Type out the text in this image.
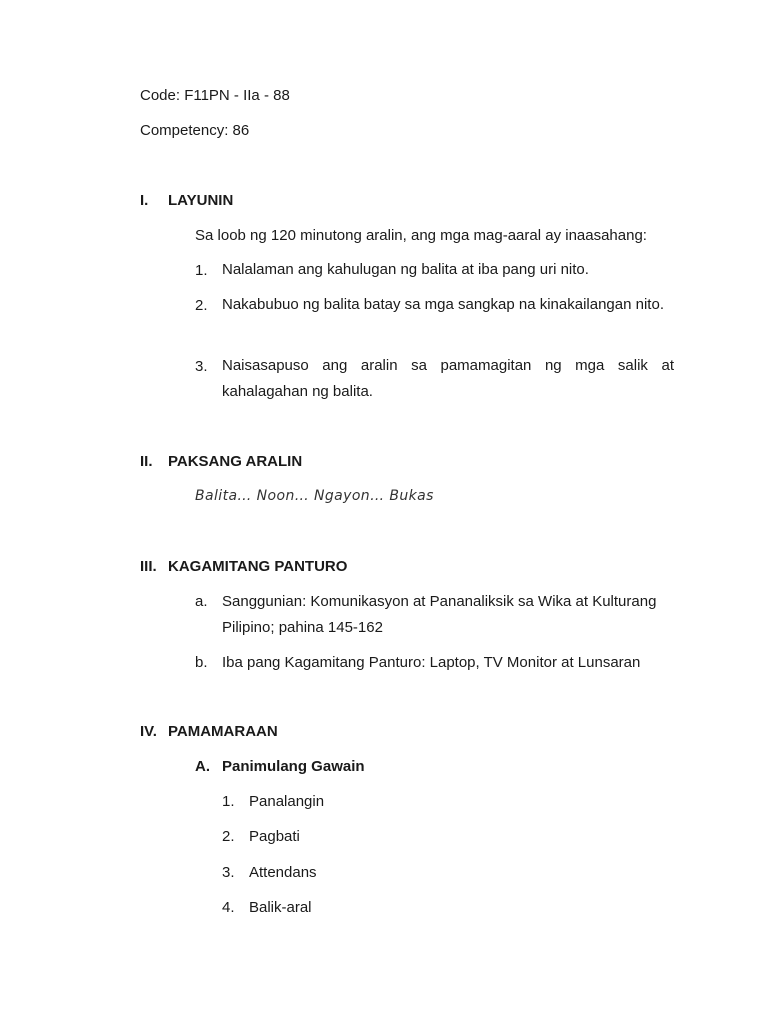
Code: F11PN - IIa - 88
Competency: 86
I. LAYUNIN
Sa loob ng 120 minutong aralin, ang mga mag-aaral ay inaasahang:
1. Nalalaman ang kahulugan ng balita at iba pang uri nito.
2. Nakabubuo ng balita batay sa mga sangkap na kinakailangan nito.
3. Naisasapuso ang aralin sa pamamagitan ng mga salik at kahalagahan ng balita.
II. PAKSANG ARALIN
Balita… Noon… Ngayon… Bukas
III. KAGAMITANG PANTURO
a. Sanggunian: Komunikasyon at Pananaliksik sa Wika at Kulturang
Pilipino; pahina 145-162
b. Iba pang Kagamitang Panturo: Laptop, TV Monitor at Lunsaran
IV. PAMAMARAAN
A. Panimulang Gawain
1. Panalangin
2. Pagbati
3. Attendans
4. Balik-aral
